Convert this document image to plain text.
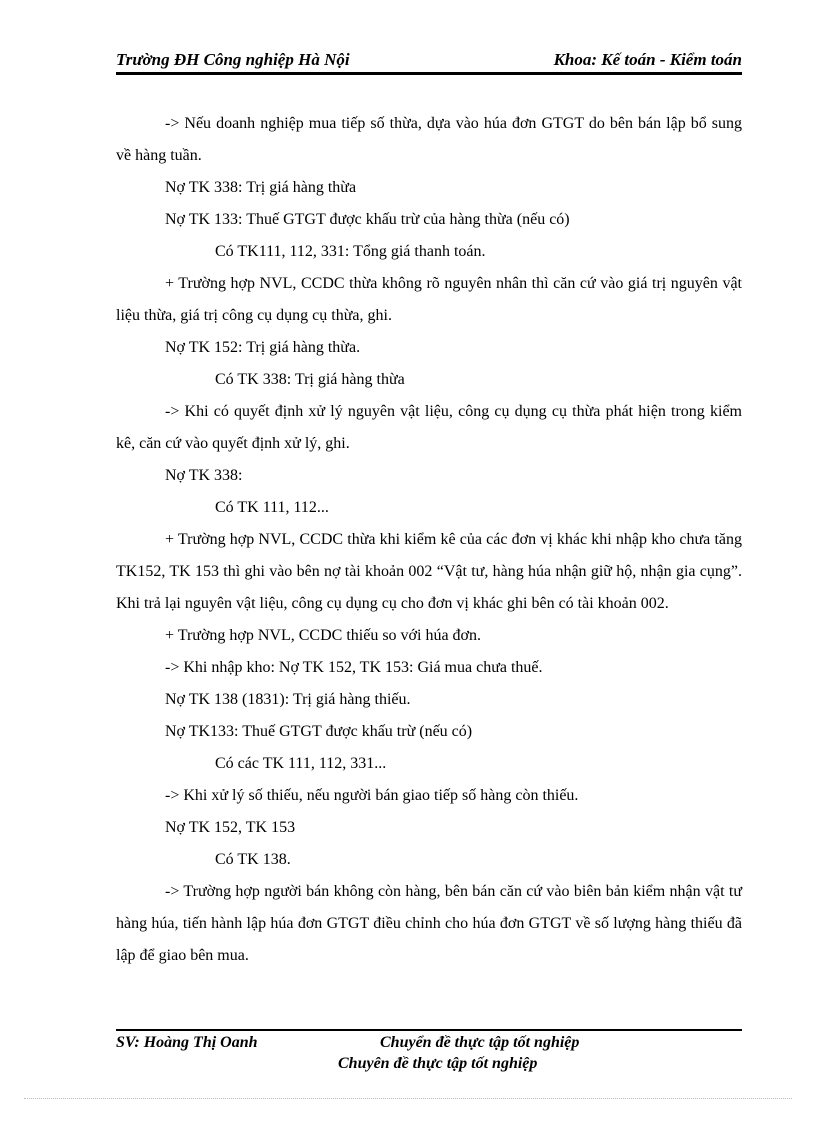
Trường ĐH Công nghiệp Hà Nội	Khoa: Kế toán - Kiểm toán

-> Nếu doanh nghiệp mua tiếp số thừa, dựa vào húa đơn GTGT do bên bán lập bổ sung về hàng tuần.

Nợ TK 338: Trị giá hàng thừa

Nợ TK 133: Thuế GTGT được khấu trừ của hàng thừa (nếu có)

Có TK111, 112, 331: Tổng giá thanh toán.

+ Trường hợp NVL, CCDC thừa không rõ nguyên nhân thì căn cứ vào giá trị nguyên vật liệu thừa, giá trị công cụ dụng cụ thừa, ghi.

Nợ TK 152: Trị giá hàng thừa.

Có TK 338: Trị giá hàng thừa

-> Khi có quyết định xử lý nguyên vật liệu, công cụ dụng cụ thừa phát hiện trong kiểm kê, căn cứ vào quyết định xử lý, ghi.

Nợ TK 338:

Có TK 111, 112...

+ Trường hợp NVL, CCDC thừa khi kiểm kê của các đơn vị khác khi nhập kho chưa tăng TK152, TK 153 thì ghi vào bên nợ tài khoản 002 “Vật tư, hàng húa nhận giữ hộ, nhận gia cụng”. Khi trả lại nguyên vật liệu, công cụ dụng cụ cho đơn vị khác ghi bên có tài khoản 002.

+ Trường hợp NVL, CCDC thiếu so với húa đơn.

-> Khi nhập kho: Nợ TK 152, TK 153: Giá mua chưa thuế.

Nợ TK 138 (1831): Trị giá hàng thiếu.

Nợ TK133: Thuế GTGT được khấu trừ (nếu có)

Có các TK 111, 112, 331...

-> Khi xử lý số thiếu, nếu người bán giao tiếp số hàng còn thiếu.

Nợ TK 152, TK 153

Có TK 138.

-> Trường hợp người bán không còn hàng, bên bán căn cứ vào biên bản kiểm nhận vật tư hàng húa, tiến hành lập húa đơn GTGT điều chỉnh cho húa đơn GTGT về số lượng hàng thiếu đã lập để giao bên mua.

SV: Hoàng Thị Oanh	Chuyển đề thực tập tốt nghiệp
Chuyên đề thực tập tốt nghiệp
